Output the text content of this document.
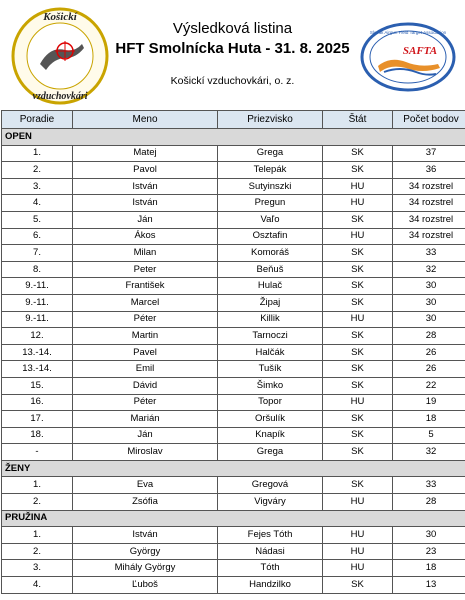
Košickí
vzduchovkári
Výsledková listina
HFT Smolnícka Huta - 31. 8. 2025
Košickí vzduchovkári, o. z.
Slovak Airgun Field Target Association
SAFTA
Poradie	Meno	Priezvisko	Štát	Počet bodov
OPEN				
1.	Matej	Grega	SK	37
2.	Pavol	Telepák	SK	36
3.	István	Sutyinszki	HU	34 rozstrel
4.	István	Pregun	HU	34 rozstrel
5.	Ján	Vaľo	SK	34 rozstrel
6.	Ákos	Osztafin	HU	34 rozstrel
7.	Milan	Komoráš	SK	33
8.	Peter	Beňuš	SK	32
9.-11.	František	Hulač	SK	30
9.-11.	Marcel	Žipaj	SK	30
9.-11.	Péter	Killik	HU	30
12.	Martin	Tarnoczi	SK	28
13.-14.	Pavel	Halčák	SK	26
13.-14.	Emil	Tušík	SK	26
15.	Dávid	Šimko	SK	22
16.	Péter	Topor	HU	19
17.	Marián	Oršulík	SK	18
18.	Ján	Knapík	SK	5
-	Miroslav	Grega	SK	32
ŽENY				
1.	Eva	Gregová	SK	33
2.	Zsófia	Vigváry	HU	28
PRUŽINA				
1.	István	Fejes Tóth	HU	30
2.	György	Nádasi	HU	23
3.	Mihály György	Tóth	HU	18
4.	Ľuboš	Handzilko	SK	13
